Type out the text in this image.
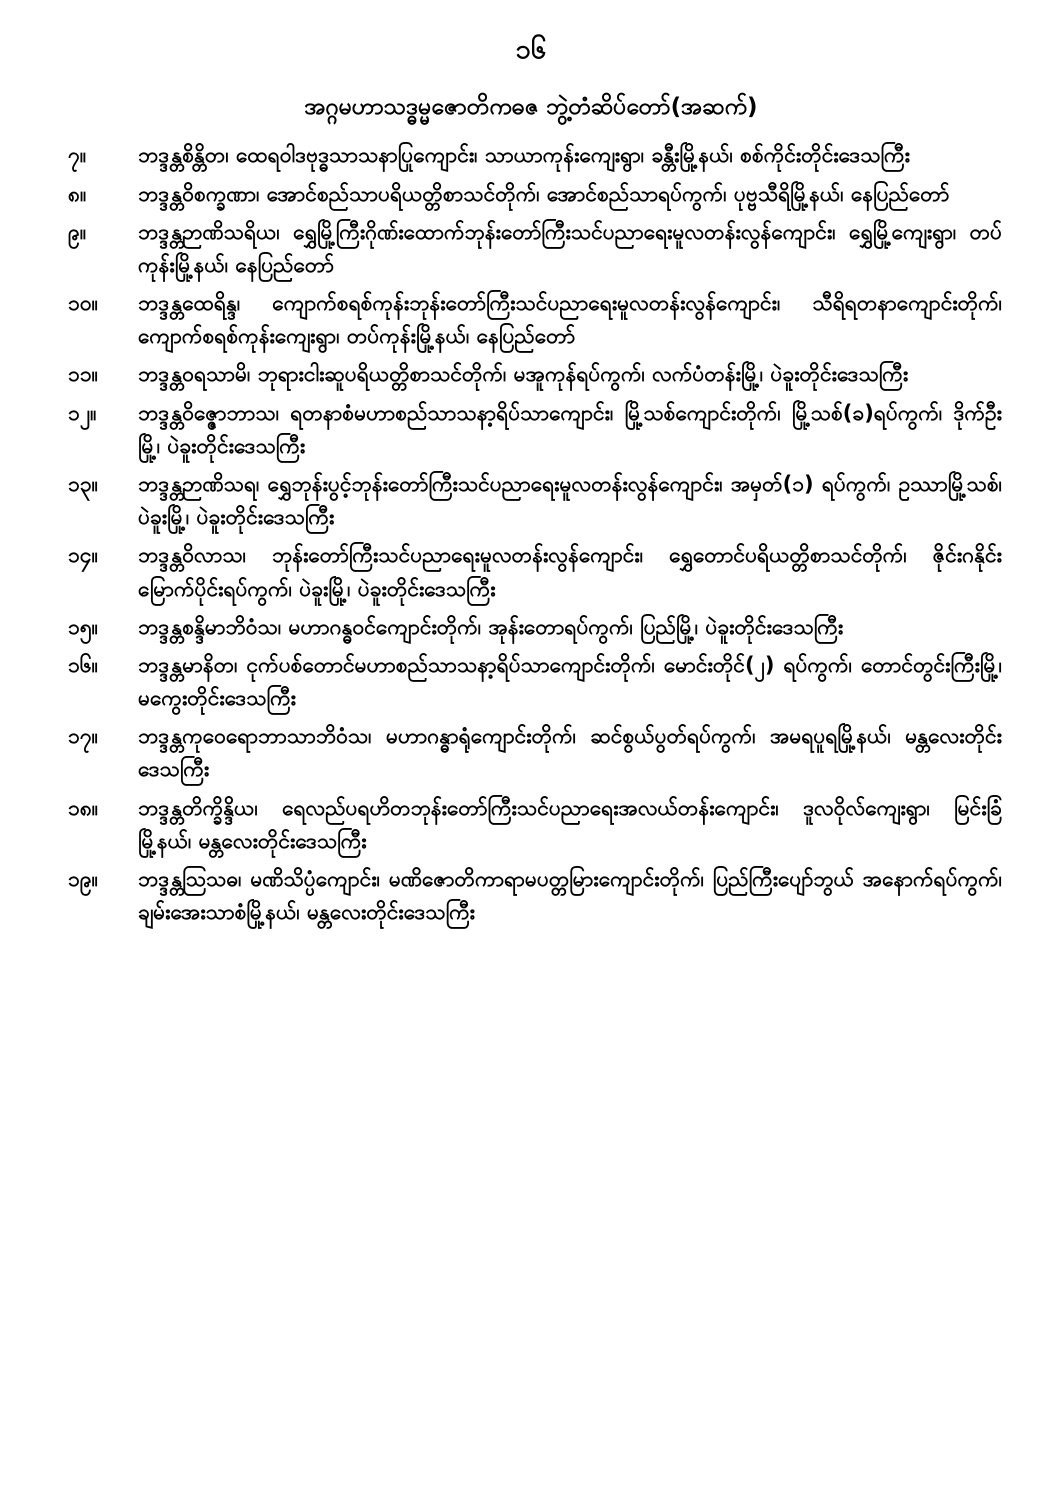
၁၆
အဂ္ဂမဟာသဒ္ဓမ္မဇောတိကဓဇ ဘွဲ့တံဆိပ်တော်(အဆက်)
၇။	ဘဒ္ဒန္တစိန္တိတ၊ ထေရဝါဒဗုဒ္ဓသာသနာပြုကျောင်း၊ သာယာကုန်းကျေးရွာ၊ ခန္တီးမြို့နယ်၊ စစ်ကိုင်းတိုင်းဒေသကြီး
၈။	ဘဒ္ဒန္တဝိစက္ခဏာ၊ အောင်စည်သာပရိယတ္တိစာသင်တိုက်၊ အောင်စည်သာရပ်ကွက်၊ ပုဗ္ဗသီရိမြို့နယ်၊ နေပြည်တော်
၉။	ဘဒ္ဒန္တဉာဏိသရိယ၊ ရွှေမြို့ကြီးဂိုဏ်းထောက်ဘုန်းတော်ကြီးသင်ပညာရေးမူလတန်းလွန်ကျောင်း၊ ရွှေမြို့ကျေးရွာ၊ တပ်ကုန်းမြို့နယ်၊ နေပြည်တော်
၁၀။	ဘဒ္ဒန္တထေရိန္ဒ၊ ကျောက်စရစ်ကုန်းဘုန်းတော်ကြီးသင်ပညာရေးမူလတန်းလွန်ကျောင်း၊ သီရိရတနာကျောင်းတိုက်၊ ကျောက်စရစ်ကုန်းကျေးရွာ၊ တပ်ကုန်းမြို့နယ်၊ နေပြည်တော်
၁၁။	ဘဒ္ဒန္တဝရသာမိ၊ ဘုရားငါးဆူပရိယတ္တိစာသင်တိုက်၊ မအူကုန်ရပ်ကွက်၊ လက်ပံတန်းမြို့၊ ပဲခူးတိုင်းဒေသကြီး
၁၂။	ဘဒ္ဒန္တဝိဇ္ဇောဘာသ၊ ရတနာစံမဟာစည်သာသနာ့ရိပ်သာကျောင်း၊ မြို့သစ်ကျောင်းတိုက်၊ မြို့သစ်(ခ)ရပ်ကွက်၊ ဒိုက်ဦးမြို့၊ ပဲခူးတိုင်းဒေသကြီး
၁၃။	ဘဒ္ဒန္တဉာဏိသရ၊ ရွှေဘုန်းပွင့်ဘုန်းတော်ကြီးသင်ပညာရေးမူလတန်းလွန်ကျောင်း၊ အမှတ်(၁) ရပ်ကွက်၊ ဥဿာမြို့သစ်၊ ပဲခူးမြို့၊ ပဲခူးတိုင်းဒေသကြီး
၁၄။	ဘဒ္ဒန္တဝိလာသ၊ ဘုန်းတော်ကြီးသင်ပညာရေးမူလတန်းလွန်ကျောင်း၊ ရွှေတောင်ပရိယတ္တိစာသင်တိုက်၊ ဇိုင်းဂနိုင်းမြောက်ပိုင်းရပ်ကွက်၊ ပဲခူးမြို့၊ ပဲခူးတိုင်းဒေသကြီး
၁၅။	ဘဒ္ဒန္တစန္ဒိမာဘိဝံသ၊ မဟာဂန္ဓဝင်ကျောင်းတိုက်၊ အုန်းတောရပ်ကွက်၊ ပြည်မြို့၊ ပဲခူးတိုင်းဒေသကြီး
၁၆။	ဘဒ္ဒန္တမာနိတ၊ ငုက်ပစ်တောင်မဟာစည်သာသနာ့ရိပ်သာကျောင်းတိုက်၊ မောင်းတိုင်(၂) ရပ်ကွက်၊ တောင်တွင်းကြီးမြို့၊ မကွေးတိုင်းဒေသကြီး
၁၇။	ဘဒ္ဒန္တကုဝေရောဘာသာဘိဝံသ၊ မဟာဂန္ဓာရုံကျောင်းတိုက်၊ ဆင်စွယ်ပွတ်ရပ်ကွက်၊ အမရပူရမြို့နယ်၊ မန္တလေးတိုင်းဒေသကြီး
၁၈။	ဘဒ္ဒန္တတိက္ခိန္ဒိယ၊ ရေလည်ပရဟိတဘုန်းတော်ကြီးသင်ပညာရေးအလယ်တန်းကျောင်း၊ ဒူလဝိုလ်ကျေးရွာ၊ မြင်းခြံမြို့နယ်၊ မန္တလေးတိုင်းဒေသကြီး
၁၉။	ဘဒ္ဒန္တဩသဓ၊ မဏိသိပ္ပံကျောင်း၊ မဏိဇောတိကာရာမပတ္တမြားကျောင်းတိုက်၊ ပြည်ကြီးပျော်ဘွယ် အနောက်ရပ်ကွက်၊ ချမ်းအေးသာစံမြို့နယ်၊ မန္တလေးတိုင်းဒေသကြီး
